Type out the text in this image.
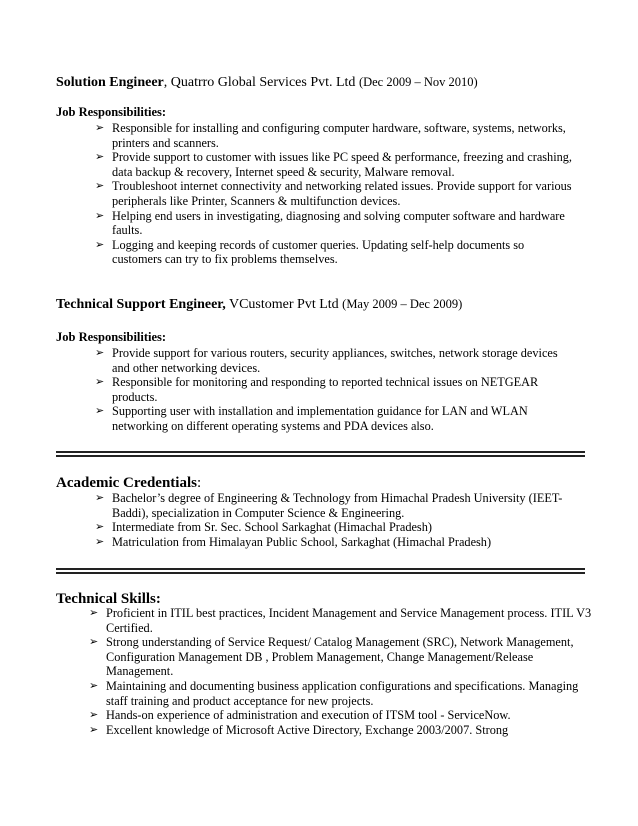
Solution Engineer, Quatrro Global Services Pvt. Ltd (Dec 2009 – Nov 2010)
Job Responsibilities:
➢ Responsible for installing and configuring computer hardware, software, systems, networks, printers and scanners.
➢ Provide support to customer with issues like PC speed & performance, freezing and crashing, data backup & recovery, Internet speed & security, Malware removal.
➢ Troubleshoot internet connectivity and networking related issues. Provide support for various peripherals like Printer, Scanners & multifunction devices.
➢ Helping end users in investigating, diagnosing and solving computer software and hardware faults.
➢ Logging and keeping records of customer queries. Updating self-help documents so customers can try to fix problems themselves.
Technical Support Engineer, VCustomer Pvt Ltd (May 2009 – Dec 2009)
Job Responsibilities:
➢ Provide support for various routers, security appliances, switches, network storage devices and other networking devices.
➢ Responsible for monitoring and responding to reported technical issues on NETGEAR products.
➢ Supporting user with installation and implementation guidance for LAN and WLAN networking on different operating systems and PDA devices also.
Academic Credentials:
➢ Bachelor’s degree of Engineering & Technology from Himachal Pradesh University (IEET- Baddi), specialization in Computer Science & Engineering.
➢ Intermediate from Sr. Sec. School Sarkaghat (Himachal Pradesh)
➢ Matriculation from Himalayan Public School, Sarkaghat (Himachal Pradesh)
Technical Skills:
➢ Proficient in ITIL best practices, Incident Management and Service Management process. ITIL V3 Certified.
➢ Strong understanding of Service Request/ Catalog Management (SRC), Network Management, Configuration Management DB , Problem Management, Change Management/Release Management.
➢ Maintaining and documenting business application configurations and specifications. Managing staff training and product acceptance for new projects.
➢ Hands-on experience of administration and execution of ITSM tool - ServiceNow.
➢ Excellent knowledge of Microsoft Active Directory, Exchange 2003/2007. Strong
